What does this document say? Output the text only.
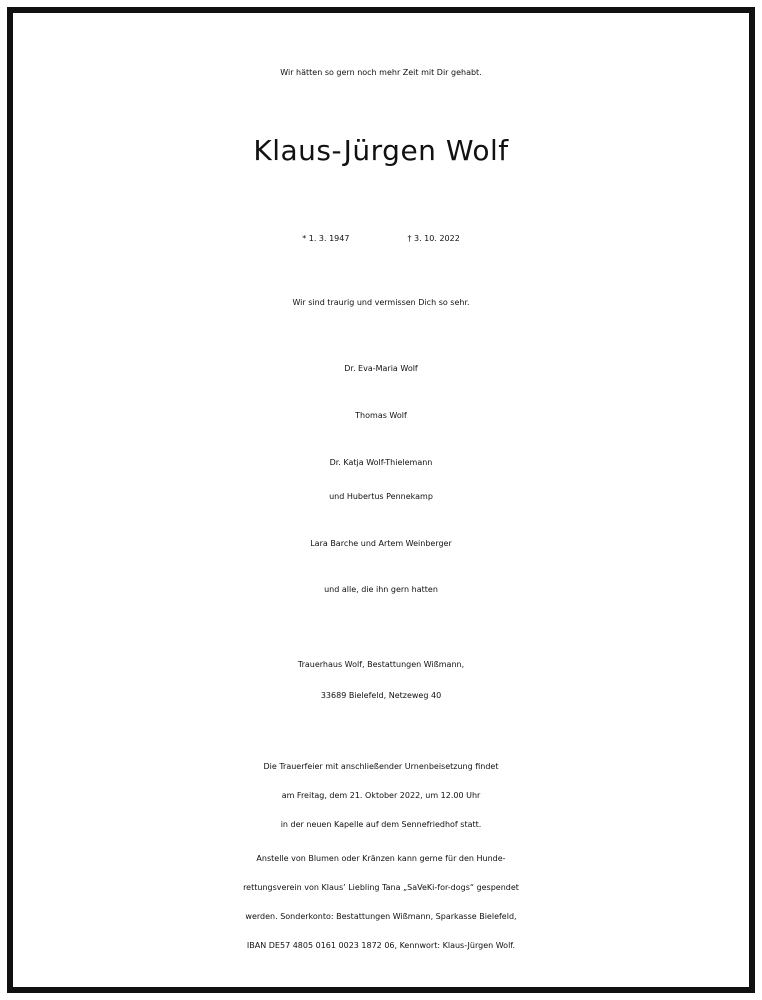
Wir hätten so gern noch mehr Zeit mit Dir gehabt.
Klaus-Jürgen Wolf
* 1. 3. 1947	† 3. 10. 2022
Wir sind traurig und vermissen Dich so sehr.
Dr. Eva-Maria Wolf
Thomas Wolf
Dr. Katja Wolf-Thielemann
und Hubertus Pennekamp
Lara Barche und Artem Weinberger
und alle, die ihn gern hatten
Trauerhaus Wolf, Bestattungen Wißmann,
33689 Bielefeld, Netzeweg 40
Die Trauerfeier mit anschließender Urnenbeisetzung findet
am Freitag, dem 21. Oktober 2022, um 12.00 Uhr
in der neuen Kapelle auf dem Sennefriedhof statt.
Anstelle von Blumen oder Kränzen kann gerne für den Hunde-
rettungsverein von Klaus’ Liebling Tana „SaVeKi-for-dogs“ gespendet
werden. Sonderkonto: Bestattungen Wißmann, Sparkasse Bielefeld,
IBAN DE57 4805 0161 0023 1872 06, Kennwort: Klaus-Jürgen Wolf.
